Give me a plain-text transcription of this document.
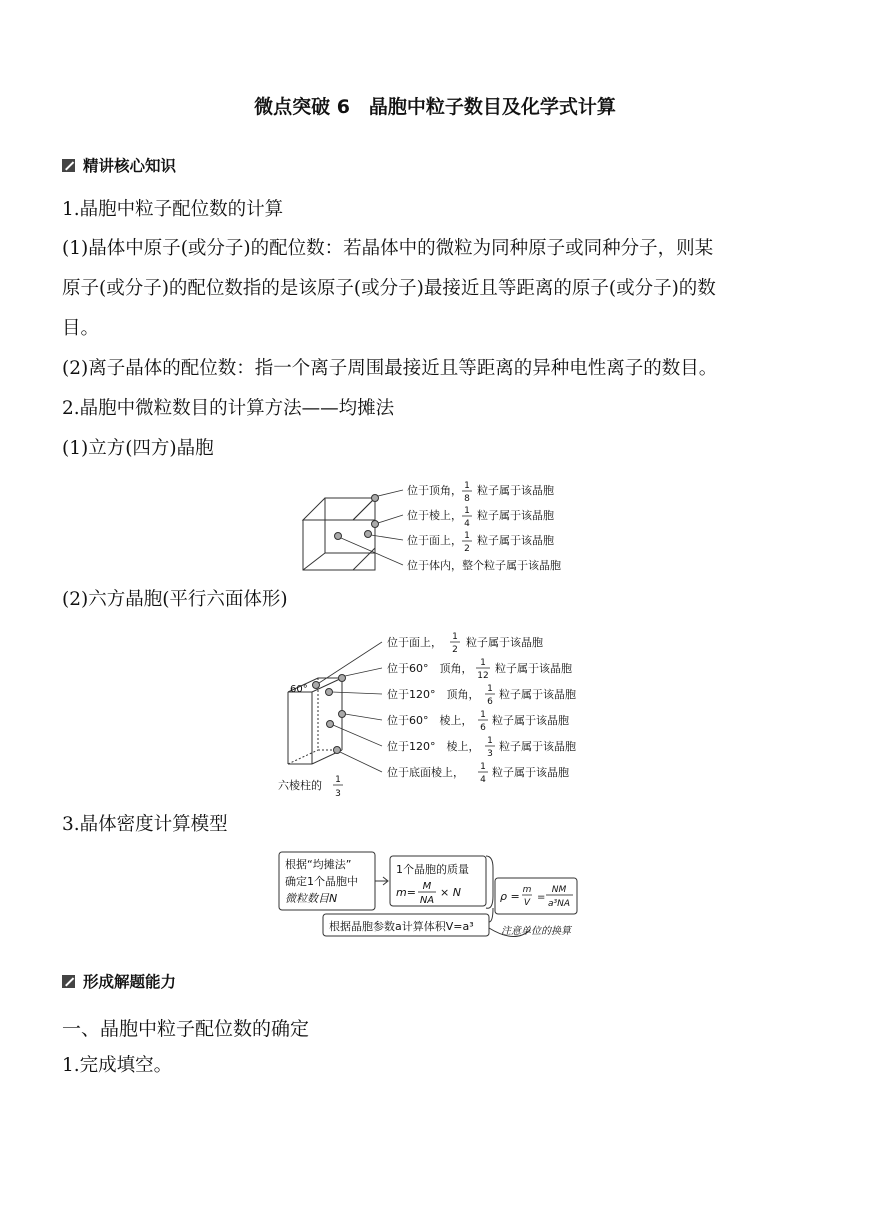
微点突破 6　晶胞中粒子数目及化学式计算
精讲核心知识
1.晶胞中粒子配位数的计算
(1)晶体中原子(或分子)的配位数：若晶体中的微粒为同种原子或同种分子，则某
原子(或分子)的配位数指的是该原子(或分子)最接近且等距离的原子(或分子)的数
目。
(2)离子晶体的配位数：指一个离子周围最接近且等距离的异种电性离子的数目。
2.晶胞中微粒数目的计算方法——均摊法
(1)立方(四方)晶胞
位于顶角， 1
8
粒子属于该晶胞
位于棱上， 1
4
粒子属于该晶胞
位于面上， 1
2
粒子属于该晶胞
位于体内，整个粒子属于该晶胞
(2)六方晶胞(平行六面体形)
60°
位于面上， 1
2
粒子属于该晶胞
位于60°　顶角， 1
12
粒子属于该晶胞
位于120°　顶角， 1
6
粒子属于该晶胞
位于60°　棱上， 1
6
粒子属于该晶胞
位于120°　棱上， 1
3
粒子属于该晶胞
位于底面棱上， 1
4
粒子属于该晶胞
六棱柱的 1
3
3.晶体密度计算模型
根据“均摊法”
确定1个晶胞中
微粒数目N
1个晶胞的质量
m= M
NA
× N	ρ = m
V =
NM
a³NA
根据晶胞参数a计算体积V=a³	注意单位的换算
形成解题能力
一、晶胞中粒子配位数的确定
1.完成填空。
